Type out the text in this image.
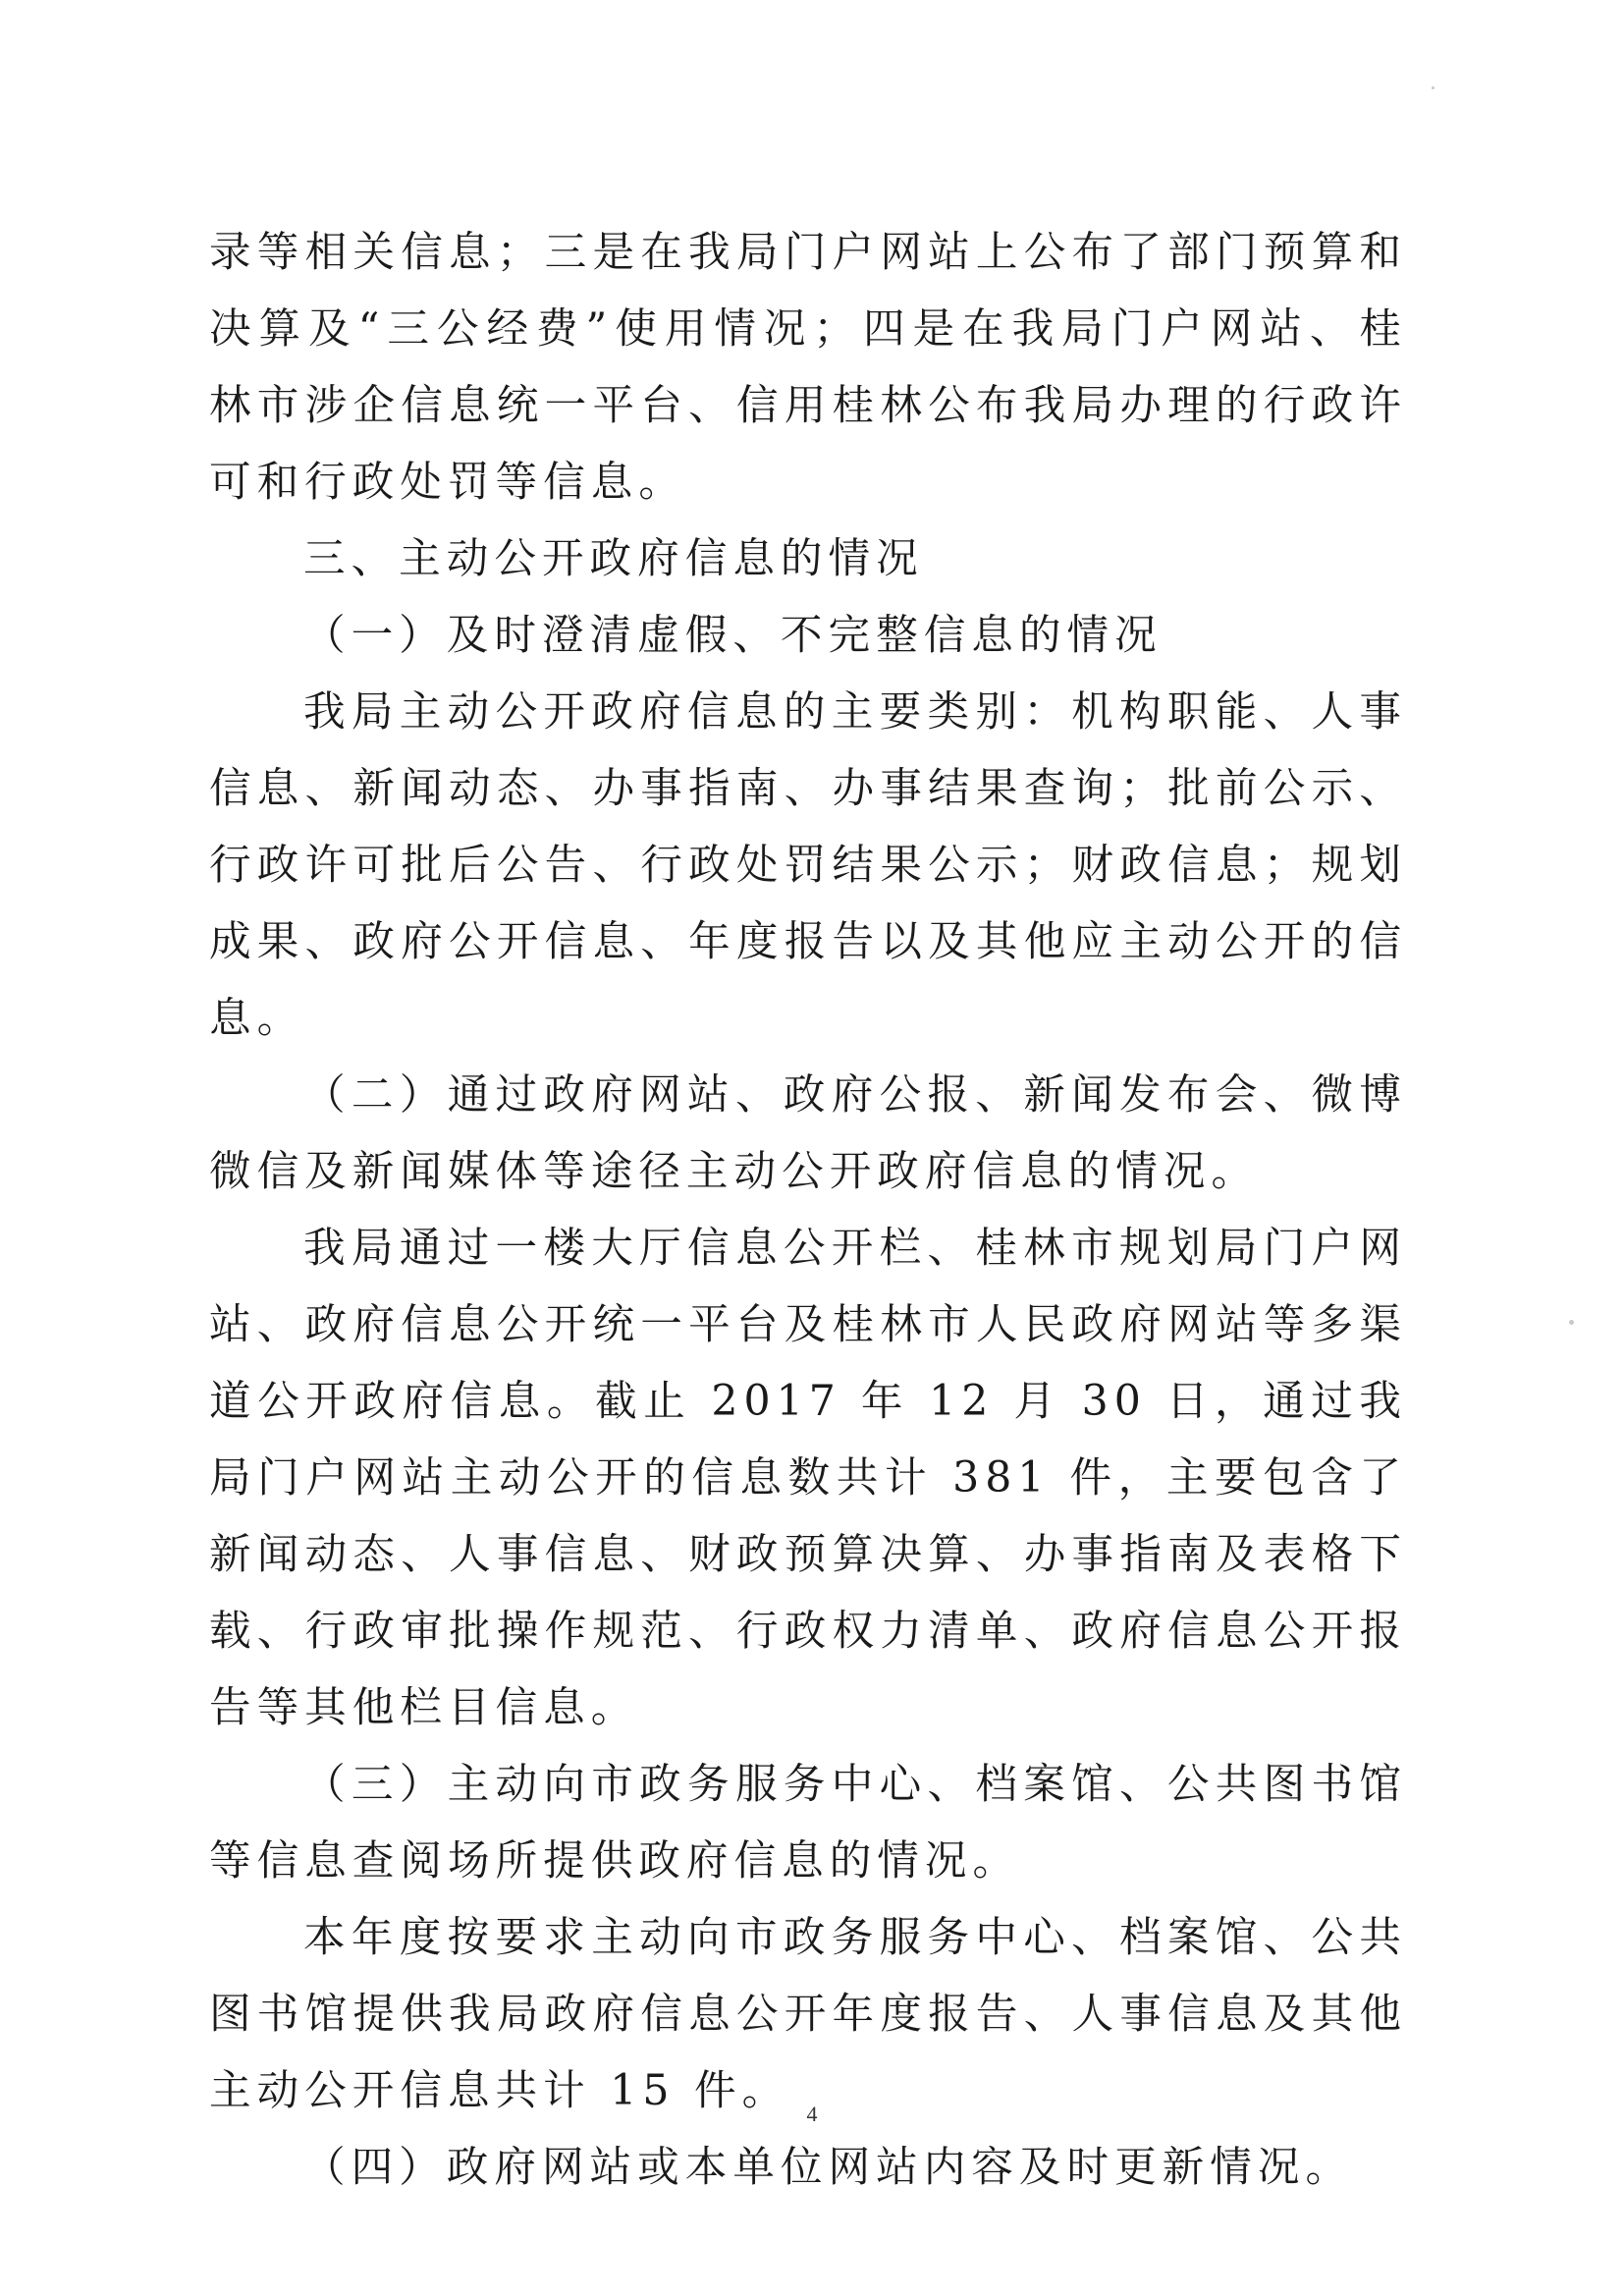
录等相关信息；三是在我局门户网站上公布了部门预算和决算及“三公经费”使用情况；四是在我局门户网站、桂林市涉企信息统一平台、信用桂林公布我局办理的行政许可和行政处罚等信息。

三、主动公开政府信息的情况

（一）及时澄清虚假、不完整信息的情况

我局主动公开政府信息的主要类别：机构职能、人事信息、新闻动态、办事指南、办事结果查询；批前公示、行政许可批后公告、行政处罚结果公示；财政信息；规划成果、政府公开信息、年度报告以及其他应主动公开的信息。

（二）通过政府网站、政府公报、新闻发布会、微博微信及新闻媒体等途径主动公开政府信息的情况。

我局通过一楼大厅信息公开栏、桂林市规划局门户网站、政府信息公开统一平台及桂林市人民政府网站等多渠道公开政府信息。截止 2017 年 12 月 30 日，通过我局门户网站主动公开的信息数共计 381 件，主要包含了新闻动态、人事信息、财政预算决算、办事指南及表格下载、行政审批操作规范、行政权力清单、政府信息公开报告等其他栏目信息。

（三）主动向市政务服务中心、档案馆、公共图书馆等信息查阅场所提供政府信息的情况。

本年度按要求主动向市政务服务中心、档案馆、公共图书馆提供我局政府信息公开年度报告、人事信息及其他主动公开信息共计 15 件。

（四）政府网站或本单位网站内容及时更新情况。

4
